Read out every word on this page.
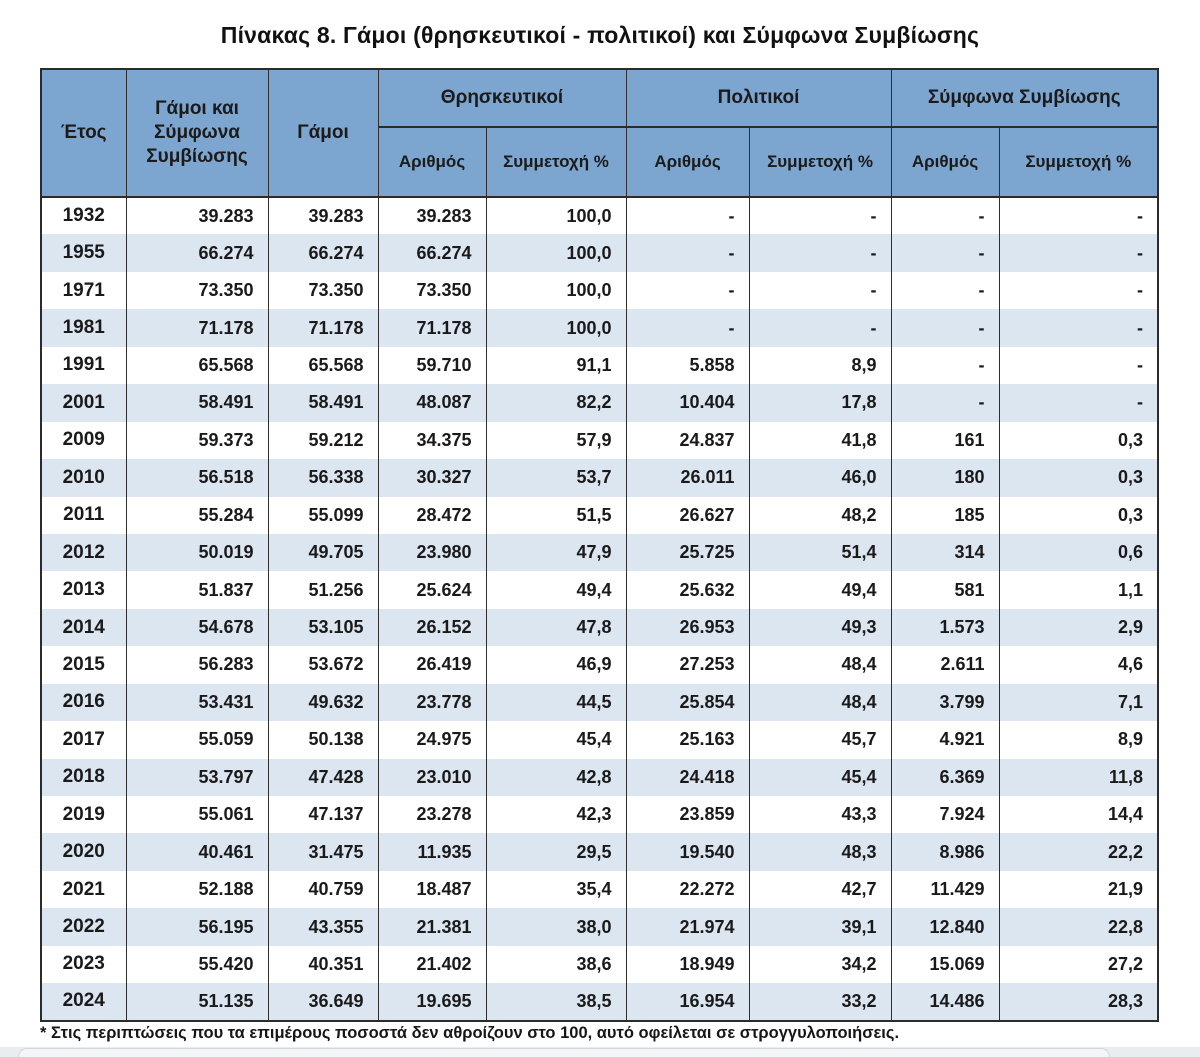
Πίνακας 8. Γάμοι (θρησκευτικοί - πολιτικοί) και Σύμφωνα Συμβίωσης
Έτος	Γάμοι και Σύμφωνα Συμβίωσης	Γάμοι	Θρησκευτικοί		Πολιτικοί		Σύμφωνα Συμβίωσης	
			Αριθμός	Συμμετοχή %	Αριθμός	Συμμετοχή %	Αριθμός	Συμμετοχή %
1932	39.283	39.283	39.283	100,0	-	-	-	-
1955	66.274	66.274	66.274	100,0	-	-	-	-
1971	73.350	73.350	73.350	100,0	-	-	-	-
1981	71.178	71.178	71.178	100,0	-	-	-	-
1991	65.568	65.568	59.710	91,1	5.858	8,9	-	-
2001	58.491	58.491	48.087	82,2	10.404	17,8	-	-
2009	59.373	59.212	34.375	57,9	24.837	41,8	161	0,3
2010	56.518	56.338	30.327	53,7	26.011	46,0	180	0,3
2011	55.284	55.099	28.472	51,5	26.627	48,2	185	0,3
2012	50.019	49.705	23.980	47,9	25.725	51,4	314	0,6
2013	51.837	51.256	25.624	49,4	25.632	49,4	581	1,1
2014	54.678	53.105	26.152	47,8	26.953	49,3	1.573	2,9
2015	56.283	53.672	26.419	46,9	27.253	48,4	2.611	4,6
2016	53.431	49.632	23.778	44,5	25.854	48,4	3.799	7,1
2017	55.059	50.138	24.975	45,4	25.163	45,7	4.921	8,9
2018	53.797	47.428	23.010	42,8	24.418	45,4	6.369	11,8
2019	55.061	47.137	23.278	42,3	23.859	43,3	7.924	14,4
2020	40.461	31.475	11.935	29,5	19.540	48,3	8.986	22,2
2021	52.188	40.759	18.487	35,4	22.272	42,7	11.429	21,9
2022	56.195	43.355	21.381	38,0	21.974	39,1	12.840	22,8
2023	55.420	40.351	21.402	38,6	18.949	34,2	15.069	27,2
2024	51.135	36.649	19.695	38,5	16.954	33,2	14.486	28,3
* Στις περιπτώσεις που τα επιμέρους ποσοστά δεν αθροίζουν στο 100, αυτό οφείλεται σε στρογγυλοποιήσεις.
